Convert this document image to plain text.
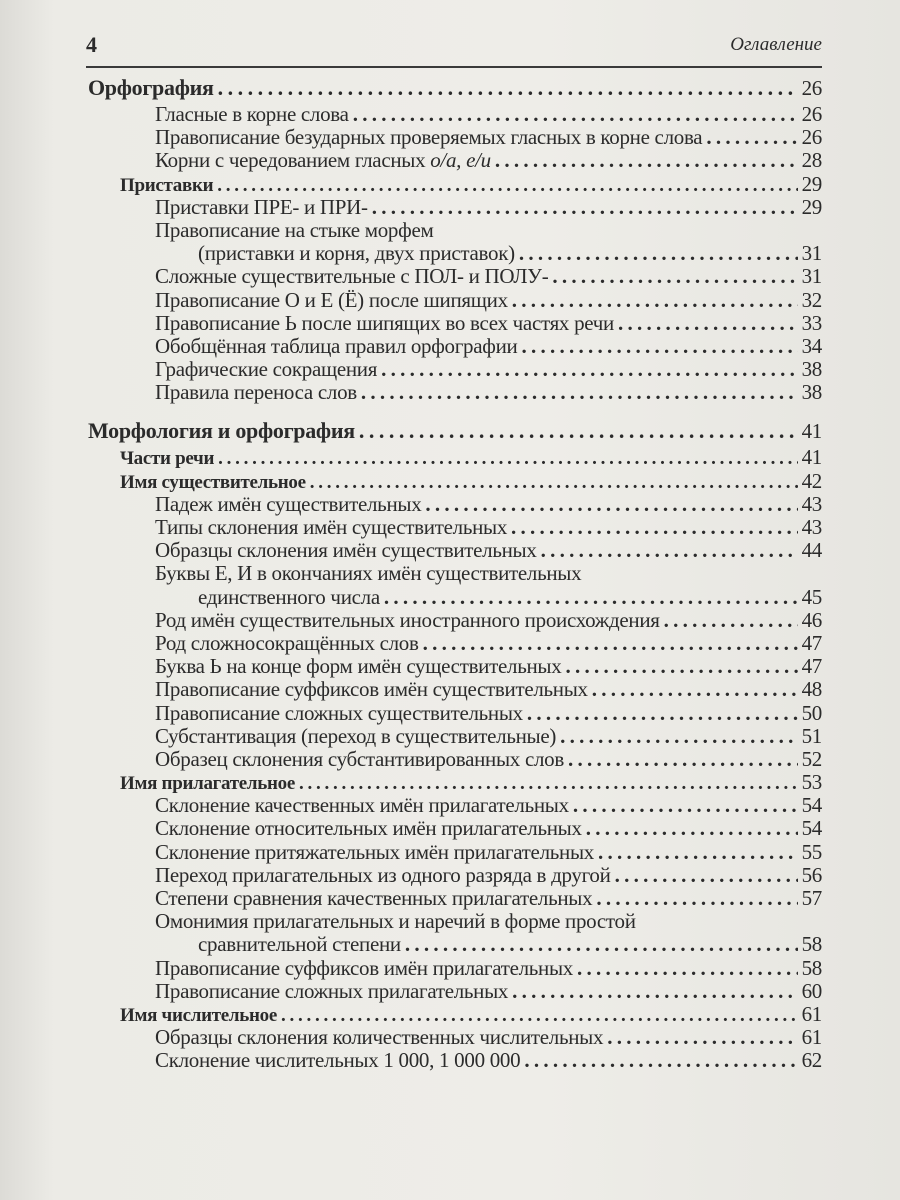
4	Оглавление
Орфография . . .	26
Гласные в корне слова . . .	26
Правописание безударных проверяемых гласных в корне слова . . .	26
Корни с чередованием гласных о/а, е/и . . .	28
Приставки . . .	29
Приставки ПРЕ- и ПРИ- . . .	29
Правописание на стыке морфем
(приставки и корня, двух приставок) . . .	31
Сложные существительные с ПОЛ- и ПОЛУ- . . .	31
Правописание О и Е (Ё) после шипящих . . .	32
Правописание Ь после шипящих во всех частях речи . . .	33
Обобщённая таблица правил орфографии . . .	34
Графические сокращения . . .	38
Правила переноса слов . . .	38
Морфология и орфография . . .	41
Части речи . . .	41
Имя существительное . . .	42
Падеж имён существительных . . .	43
Типы склонения имён существительных . . .	43
Образцы склонения имён существительных . . .	44
Буквы Е, И в окончаниях имён существительных
единственного числа . . .	45
Род имён существительных иностранного происхождения . . .	46
Род сложносокращённых слов . . .	47
Буква Ь на конце форм имён существительных . . .	47
Правописание суффиксов имён существительных . . .	48
Правописание сложных существительных . . .	50
Субстантивация (переход в существительные) . . .	51
Образец склонения субстантивированных слов . . .	52
Имя прилагательное . . .	53
Склонение качественных имён прилагательных . . .	54
Склонение относительных имён прилагательных . . .	54
Склонение притяжательных имён прилагательных . . .	55
Переход прилагательных из одного разряда в другой . . .	56
Степени сравнения качественных прилагательных . . .	57
Омонимия прилагательных и наречий в форме простой
сравнительной степени . . .	58
Правописание суффиксов имён прилагательных . . .	58
Правописание сложных прилагательных . . .	60
Имя числительное . . .	61
Образцы склонения количественных числительных . . .	61
Склонение числительных 1 000, 1 000 000 . . .	62
